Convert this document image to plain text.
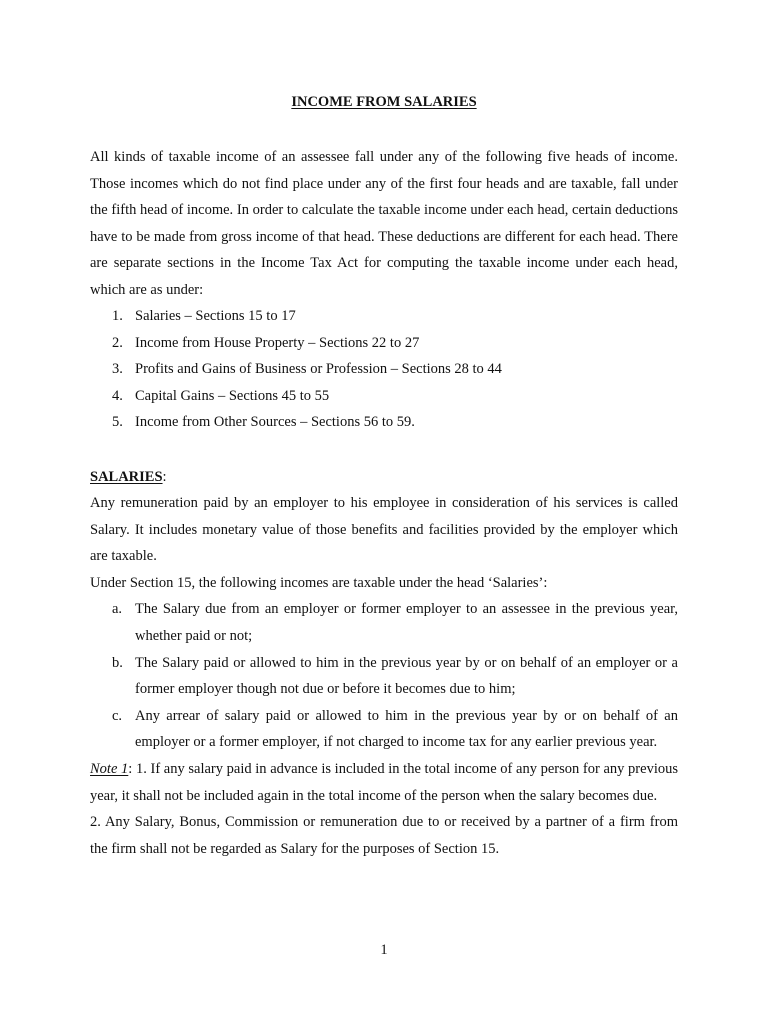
INCOME FROM SALARIES

All kinds of taxable income of an assessee fall under any of the following five heads of income. Those incomes which do not find place under any of the first four heads and are taxable, fall under the fifth head of income. In order to calculate the taxable income under each head, certain deductions have to be made from gross income of that head. These deductions are different for each head. There are separate sections in the Income Tax Act for computing the taxable income under each head, which are as under:

1. Salaries – Sections 15 to 17
2. Income from House Property – Sections 22 to 27
3. Profits and Gains of Business or Profession – Sections 28 to 44
4. Capital Gains – Sections 45 to 55
5. Income from Other Sources – Sections 56 to 59.
SALARIES:

Any remuneration paid by an employer to his employee in consideration of his services is called Salary. It includes monetary value of those benefits and facilities provided by the employer which are taxable.

Under Section 15, the following incomes are taxable under the head ‘Salaries’:

a. The Salary due from an employer or former employer to an assessee in the previous year, whether paid or not;
b. The Salary paid or allowed to him in the previous year by or on behalf of an employer or a former employer though not due or before it becomes due to him;
c. Any arrear of salary paid or allowed to him in the previous year by or on behalf of an employer or a former employer, if not charged to income tax for any earlier previous year.

Note 1: 1. If any salary paid in advance is included in the total income of any person for any previous year, it shall not be included again in the total income of the person when the salary becomes due.

2. Any Salary, Bonus, Commission or remuneration due to or received by a partner of a firm from the firm shall not be regarded as Salary for the purposes of Section 15.

1
